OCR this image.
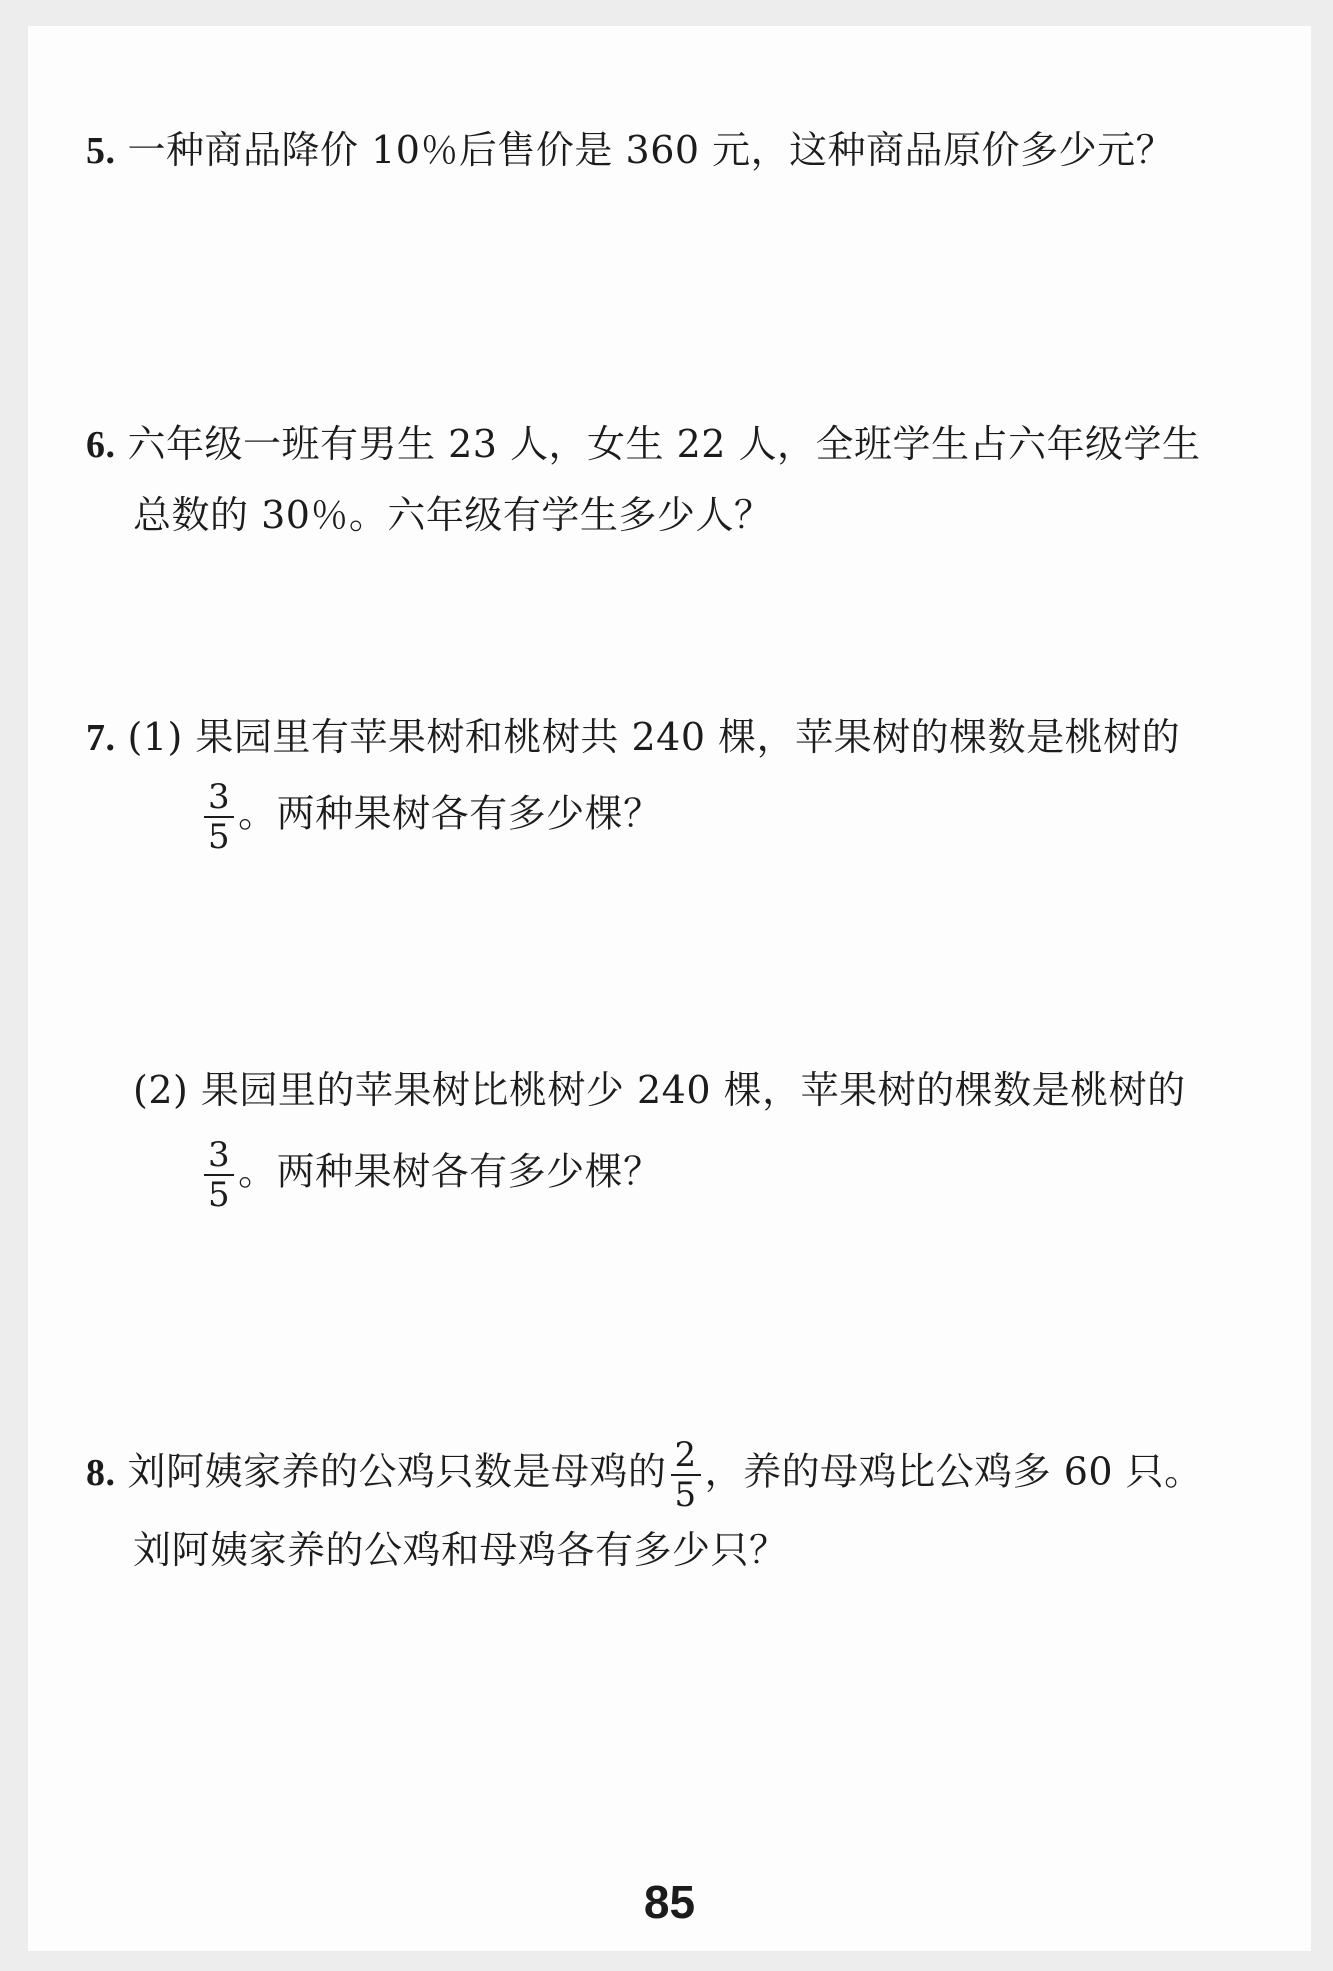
5. 一种商品降价 10％后售价是 360 元，这种商品原价多少元？
6. 六年级一班有男生 23 人，女生 22 人，全班学生占六年级学生
总数的 30％。六年级有学生多少人？
7. (1) 果园里有苹果树和桃树共 240 棵，苹果树的棵数是桃树的
$\frac{3}{5}$ 。两种果树各有多少棵？
(2) 果园里的苹果树比桃树少 240 棵，苹果树的棵数是桃树的
$\frac{3}{5}$ 。两种果树各有多少棵？
8. 刘阿姨家养的公鸡只数是母鸡的 $\frac{2}{5}$ ，养的母鸡比公鸡多 60 只。
刘阿姨家养的公鸡和母鸡各有多少只？
85
